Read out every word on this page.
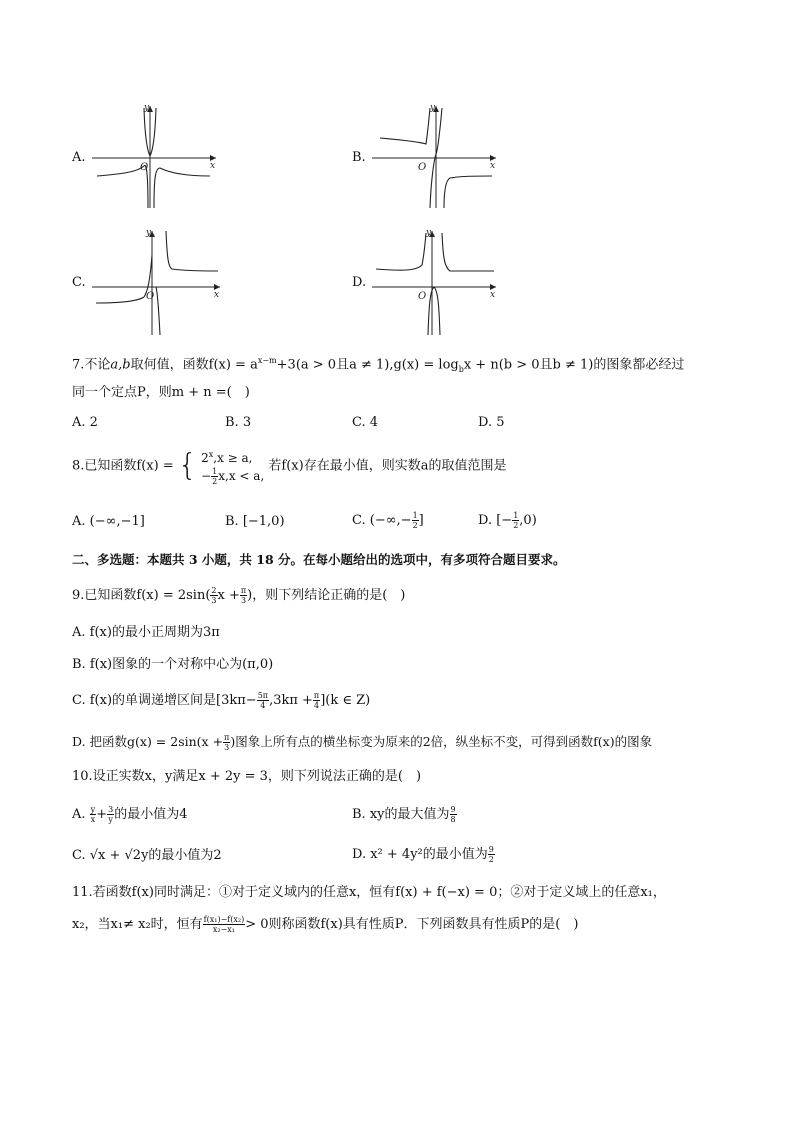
A.
x
y
O
B.
x
y
O
C.
x
y
O
D.
x
y
O
7.不论a,b取何值，函数$f(x) = a^{x-m}+3(a > 0$且$a \ne 1),g(x) = \log_bx + n(b > 0$且b ≠ 1)的图象都必经过
同一个定点P，则m + n =(　)
A. 2	B. 3	C. 4	D. 5
8.已知函数f(x) = { $2^x,x \ge a$,
− $\frac{1}{2} x,x < a$,
若f(x)存在最小值，则实数a的取值范围是
A. (−∞,−1]	B. [−1,0)	C. (−∞,− $\frac{1}{2}$ ]	D. [− $\frac{1}{2} ,0$)
二、多选题：本题共 3 小题，共 18 分。在每小题给出的选项中，有多项符合题目要求。
9.已知函数$f(x) = 2\sin( \frac{2}{3}$ $x + \frac{\pi}{3}$ )，则下列结论正确的是(　)
A. f(x)的最小正周期为3π
B. f(x)图象的一个对称中心为(π,0)
C. f(x)的单调递增区间是$[3k\pi- \frac{5\pi}{4} ,3k\pi + \frac{\pi}{4} ](k$ ∈ Z)
D. 把函数$g(x) = 2\sin(x + \frac{\pi}{3}$ )图象上所有点的横坐标变为原来的2倍，纵坐标不变，可得到函数f(x)的图象
10.设正实数x，y满足x + 2y = 3，则下列说法正确的是(　)
A. $\frac{y}{x} + \frac{3}{y}$ 的最小值为4	B. xy的最大值为 $\frac{9}{8}$
C. √x + √2y的最小值为2	D. x² + 4y²的最小值为 $\frac{9}{2}$
11.若函数f(x)同时满足：①对于定义域内的任意x，恒有f(x) + f(−x) = 0；②对于定义域上的任意x₁，
x₂，当x₁≠ x₂时，恒有 $\frac{\text{f(x₁)−f(x₂)}}{\text{x₂−x₁}} > 0$则称函数f(x)具有性质P．下列函数具有性质P的是(　)
